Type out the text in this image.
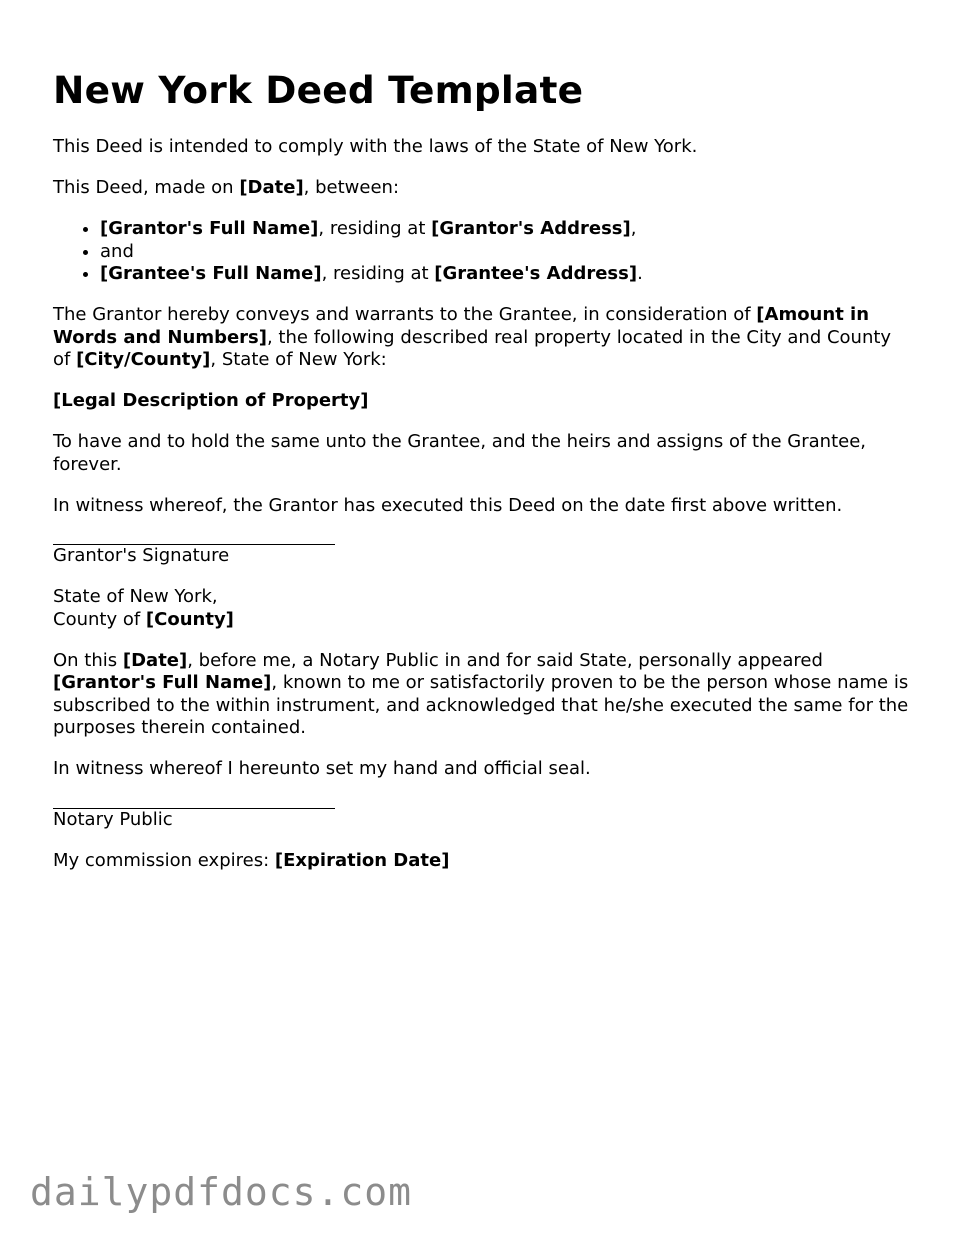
New York Deed Template

This Deed is intended to comply with the laws of the State of New York.

This Deed, made on [Date], between:

• [Grantor's Full Name], residing at [Grantor's Address],
• and
• [Grantee's Full Name], residing at [Grantee's Address].

The Grantor hereby conveys and warrants to the Grantee, in consideration of [Amount in Words and Numbers], the following described real property located in the City and County of [City/County], State of New York:

[Legal Description of Property]

To have and to hold the same unto the Grantee, and the heirs and assigns of the Grantee, forever.

In witness whereof, the Grantor has executed this Deed on the date first above written.

Grantor's Signature

State of New York,
County of [County]

On this [Date], before me, a Notary Public in and for said State, personally appeared [Grantor's Full Name], known to me or satisfactorily proven to be the person whose name is subscribed to the within instrument, and acknowledged that he/she executed the same for the purposes therein contained.

In witness whereof I hereunto set my hand and official seal.

Notary Public

My commission expires: [Expiration Date]

dailypdfdocs.com
